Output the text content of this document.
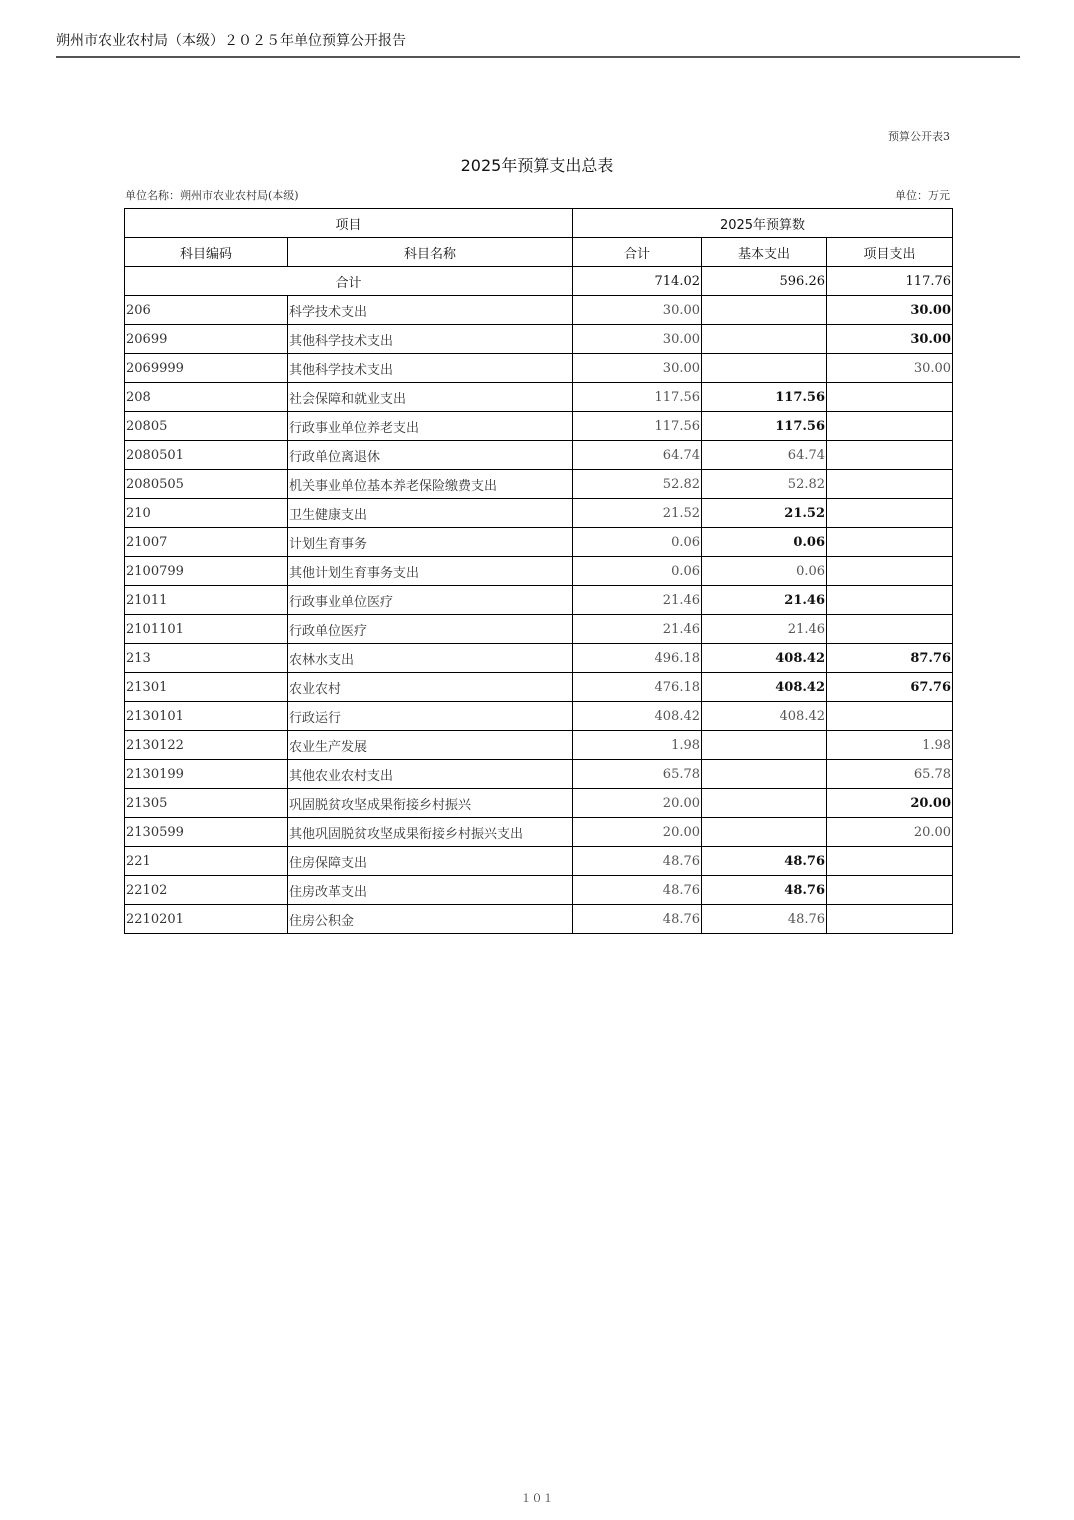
朔州市农业农村局（本级）２０２５年单位预算公开报告
预算公开表3
2025年预算支出总表
单位名称：朔州市农业农村局(本级)	单位：万元
项目		2025年预算数		
科目编码	科目名称	合计	基本支出	项目支出
合计		714.02	596.26	117.76
206	科学技术支出	30.00		30.00
20699	其他科学技术支出	30.00		30.00
2069999	其他科学技术支出	30.00		30.00
208	社会保障和就业支出	117.56	117.56	
20805	行政事业单位养老支出	117.56	117.56	
2080501	行政单位离退休	64.74	64.74	
2080505	机关事业单位基本养老保险缴费支出	52.82	52.82	
210	卫生健康支出	21.52	21.52	
21007	计划生育事务	0.06	0.06	
2100799	其他计划生育事务支出	0.06	0.06	
21011	行政事业单位医疗	21.46	21.46	
2101101	行政单位医疗	21.46	21.46	
213	农林水支出	496.18	408.42	87.76
21301	农业农村	476.18	408.42	67.76
2130101	行政运行	408.42	408.42	
2130122	农业生产发展	1.98		1.98
2130199	其他农业农村支出	65.78		65.78
21305	巩固脱贫攻坚成果衔接乡村振兴	20.00		20.00
2130599	其他巩固脱贫攻坚成果衔接乡村振兴支出	20.00		20.00
221	住房保障支出	48.76	48.76	
22102	住房改革支出	48.76	48.76	
2210201	住房公积金	48.76	48.76	
１０１
